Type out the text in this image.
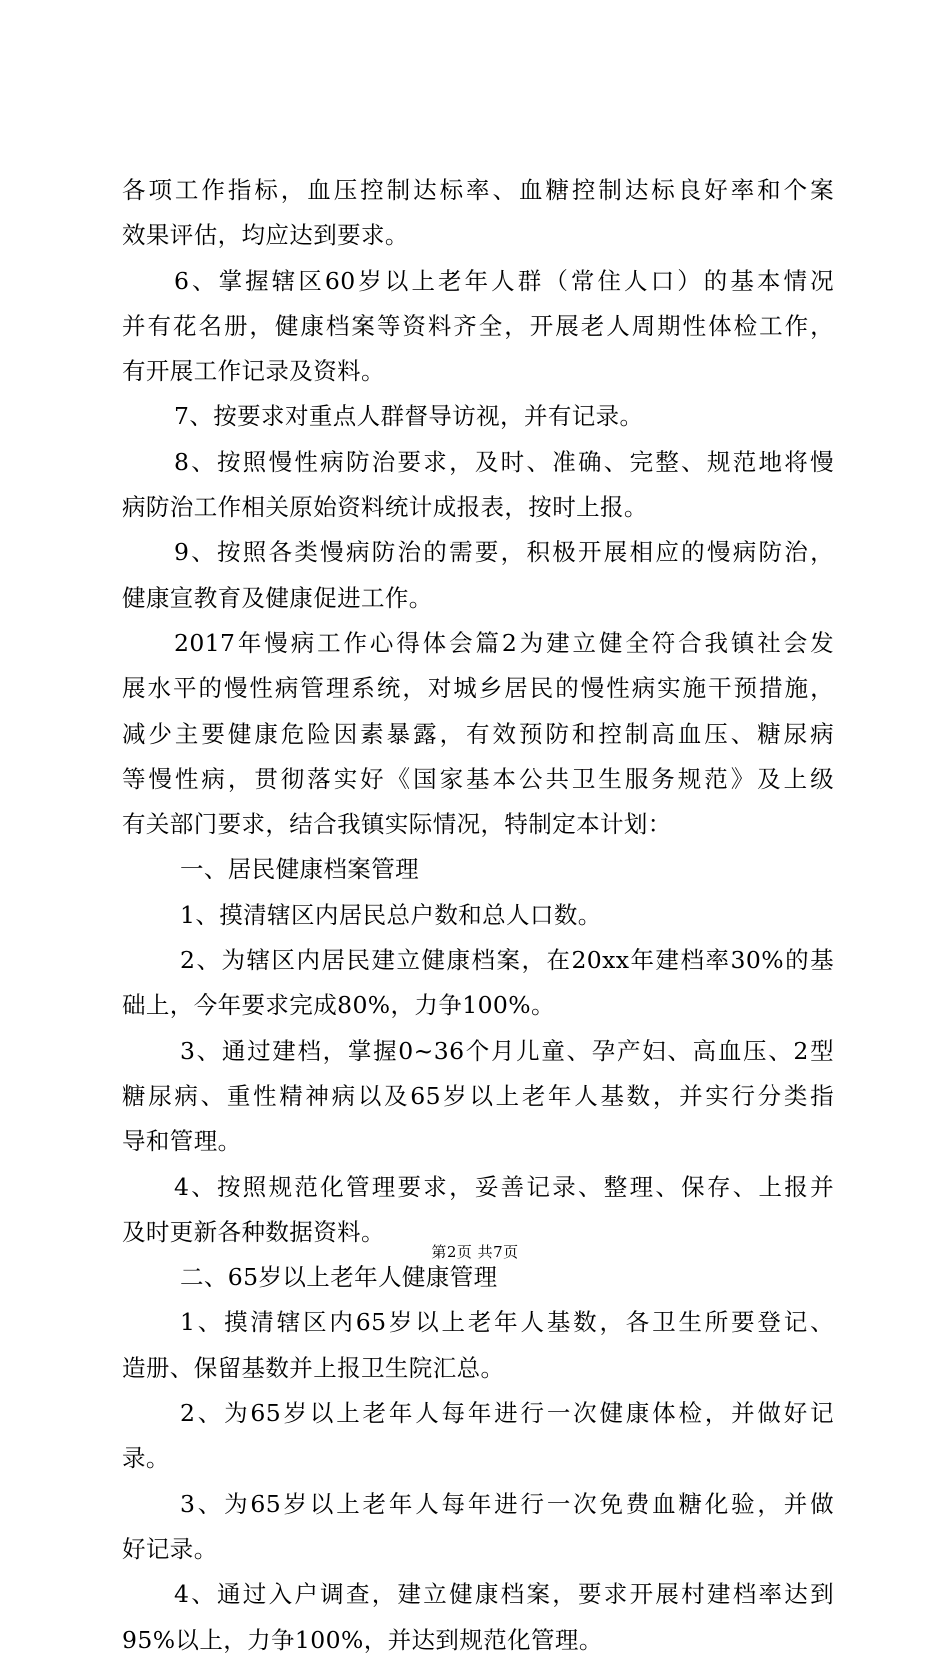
各项工作指标，血压控制达标率、血糖控制达标良好率和个案
效果评估，均应达到要求。
6、掌握辖区60岁以上老年人群（常住人口）的基本情况
并有花名册，健康档案等资料齐全，开展老人周期性体检工作，
有开展工作记录及资料。
7、按要求对重点人群督导访视，并有记录。
8、按照慢性病防治要求，及时、准确、完整、规范地将慢
病防治工作相关原始资料统计成报表，按时上报。
9、按照各类慢病防治的需要，积极开展相应的慢病防治，
健康宣教育及健康促进工作。
2017年慢病工作心得体会篇2为建立健全符合我镇社会发
展水平的慢性病管理系统，对城乡居民的慢性病实施干预措施，
减少主要健康危险因素暴露，有效预防和控制高血压、糖尿病
等慢性病，贯彻落实好《国家基本公共卫生服务规范》及上级
有关部门要求，结合我镇实际情况，特制定本计划：
一、居民健康档案管理
1、摸清辖区内居民总户数和总人口数。
2、为辖区内居民建立健康档案，在20xx年建档率30%的基
础上，今年要求完成80%，力争100%。
3、通过建档，掌握0~36个月儿童、孕产妇、高血压、2型
糖尿病、重性精神病以及65岁以上老年人基数，并实行分类指
导和管理。
4、按照规范化管理要求，妥善记录、整理、保存、上报并
及时更新各种数据资料。
二、65岁以上老年人健康管理
1、摸清辖区内65岁以上老年人基数，各卫生所要登记、
造册、保留基数并上报卫生院汇总。
2、为65岁以上老年人每年进行一次健康体检，并做好记
录。
3、为65岁以上老年人每年进行一次免费血糖化验，并做
好记录。
4、通过入户调查，建立健康档案，要求开展村建档率达到
95%以上，力争100%，并达到规范化管理。
第2页 共7页
